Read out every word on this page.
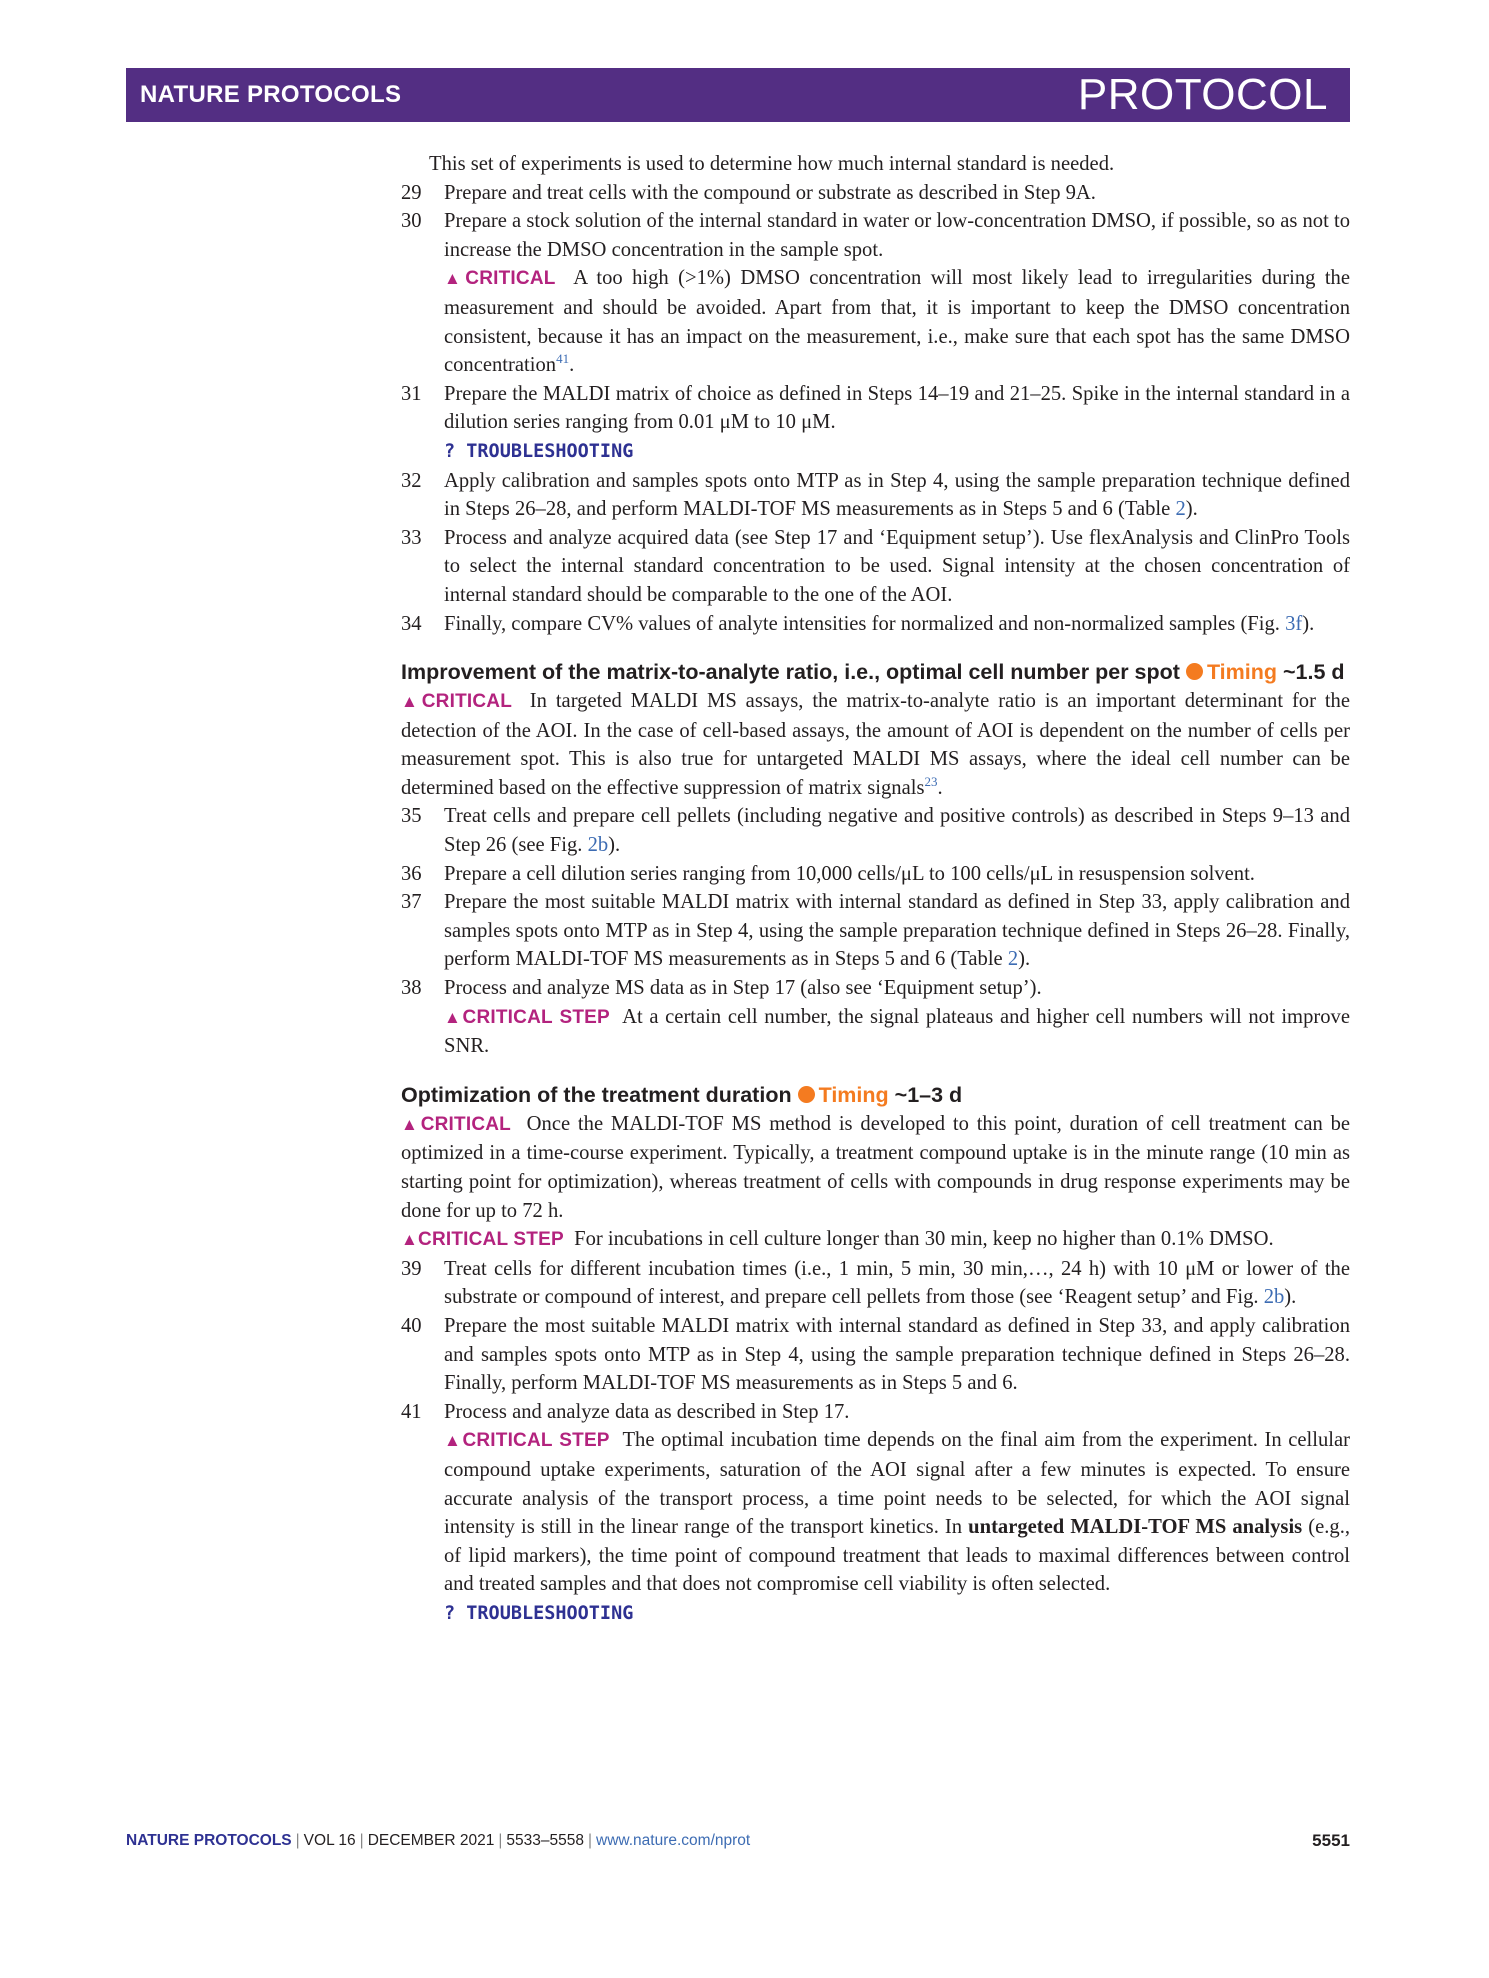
NATURE PROTOCOLS	PROTOCOL

This set of experiments is used to determine how much internal standard is needed.

29 Prepare and treat cells with the compound or substrate as described in Step 9A.
30 Prepare a stock solution of the internal standard in water or low-concentration DMSO, if possible, so as not to increase the DMSO concentration in the sample spot.

▲CRITICAL A too high (>1%) DMSO concentration will most likely lead to irregularities during the measurement and should be avoided. Apart from that, it is important to keep the DMSO concentration consistent, because it has an impact on the measurement, i.e., make sure that each spot has the same DMSO concentration$^{41}$.

31 Prepare the MALDI matrix of choice as defined in Steps 14–19 and 21–25. Spike in the internal standard in a dilution series ranging from 0.01 μM to 10 μM.

? TROUBLESHOOTING

32 Apply calibration and samples spots onto MTP as in Step 4, using the sample preparation technique defined in Steps 26–28, and perform MALDI-TOF MS measurements as in Steps 5 and 6 (Table 2).
33 Process and analyze acquired data (see Step 17 and ‘Equipment setup’). Use flexAnalysis and ClinPro Tools to select the internal standard concentration to be used. Signal intensity at the chosen concentration of internal standard should be comparable to the one of the AOI.
34 Finally, compare CV% values of analyte intensities for normalized and non-normalized samples (Fig. 3f).

Improvement of the matrix-to-analyte ratio, i.e., optimal cell number per spot Timing ~1.5 d

▲CRITICAL In targeted MALDI MS assays, the matrix-to-analyte ratio is an important determinant for the detection of the AOI. In the case of cell-based assays, the amount of AOI is dependent on the number of cells per measurement spot. This is also true for untargeted MALDI MS assays, where the ideal cell number can be determined based on the effective suppression of matrix signals$^{23}$.

35 Treat cells and prepare cell pellets (including negative and positive controls) as described in Steps 9–13 and Step 26 (see Fig. 2b).
36 Prepare a cell dilution series ranging from 10,000 cells/μL to 100 cells/μL in resuspension solvent.
37 Prepare the most suitable MALDI matrix with internal standard as defined in Step 33, apply calibration and samples spots onto MTP as in Step 4, using the sample preparation technique defined in Steps 26–28. Finally, perform MALDI-TOF MS measurements as in Steps 5 and 6 (Table 2).
38 Process and analyze MS data as in Step 17 (also see ‘Equipment setup’).

▲CRITICAL STEP At a certain cell number, the signal plateaus and higher cell numbers will not improve SNR.

Optimization of the treatment duration Timing ~1–3 d

▲CRITICAL Once the MALDI-TOF MS method is developed to this point, duration of cell treatment can be optimized in a time-course experiment. Typically, a treatment compound uptake is in the minute range (10 min as starting point for optimization), whereas treatment of cells with compounds in drug response experiments may be done for up to 72 h.

▲CRITICAL STEP For incubations in cell culture longer than 30 min, keep no higher than 0.1% DMSO.

39 Treat cells for different incubation times (i.e., 1 min, 5 min, 30 min,…, 24 h) with 10 μM or lower of the substrate or compound of interest, and prepare cell pellets from those (see ‘Reagent setup’ and Fig. 2b).
40 Prepare the most suitable MALDI matrix with internal standard as defined in Step 33, and apply calibration and samples spots onto MTP as in Step 4, using the sample preparation technique defined in Steps 26–28. Finally, perform MALDI-TOF MS measurements as in Steps 5 and 6.
41 Process and analyze data as described in Step 17.

▲CRITICAL STEP The optimal incubation time depends on the final aim from the experiment. In cellular compound uptake experiments, saturation of the AOI signal after a few minutes is expected. To ensure accurate analysis of the transport process, a time point needs to be selected, for which the AOI signal intensity is still in the linear range of the transport kinetics. In untargeted MALDI-TOF MS analysis (e.g., of lipid markers), the time point of compound treatment that leads to maximal differences between control and treated samples and that does not compromise cell viability is often selected.

? TROUBLESHOOTING

NATURE PROTOCOLS | VOL 16 | DECEMBER 2021 | 5533–5558 | www.nature.com/nprot	5551
